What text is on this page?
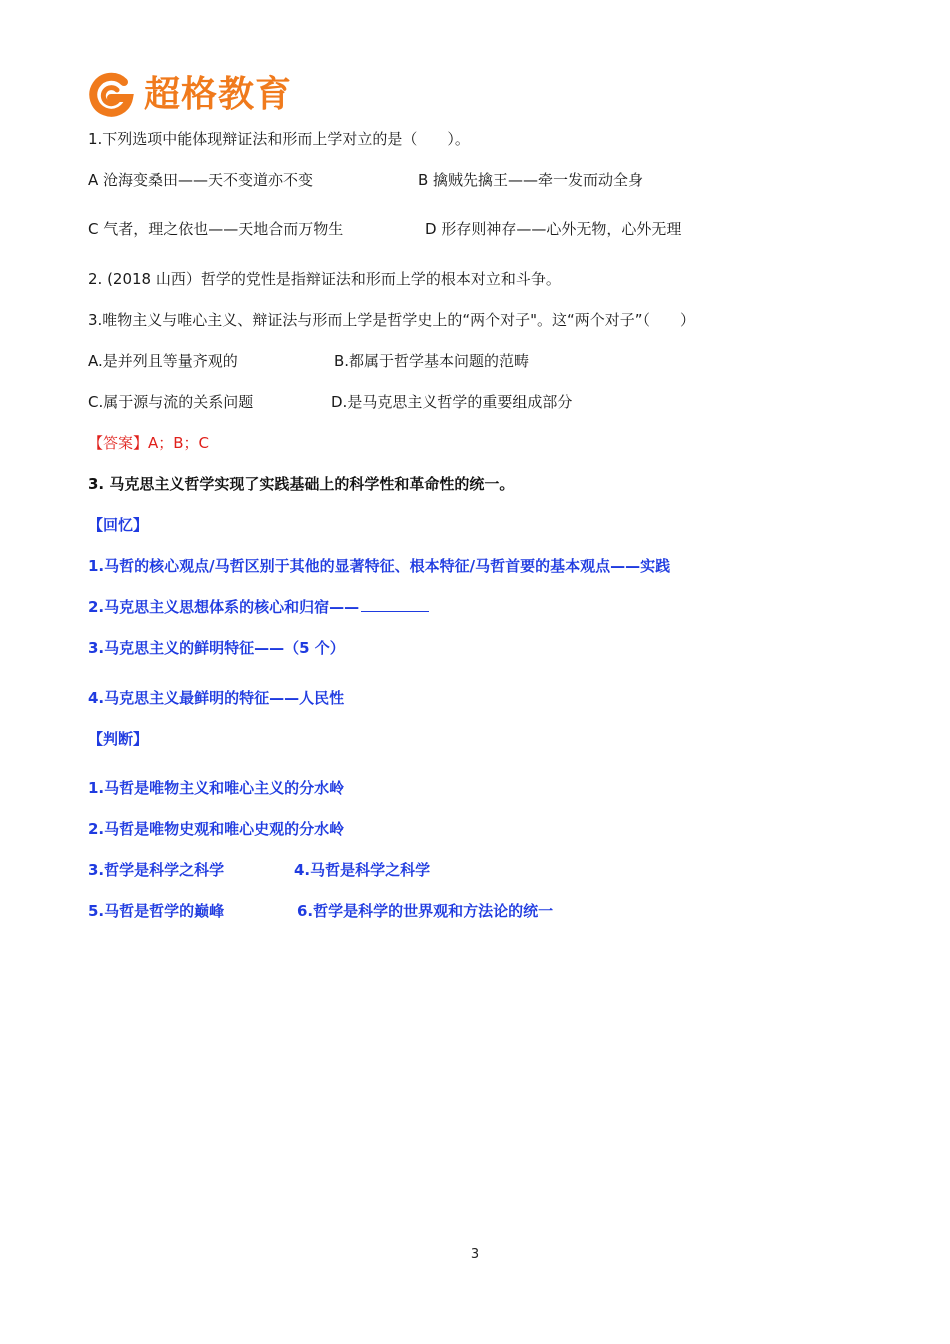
超格教育
1.下列选项中能体现辩证法和形而上学对立的是（　　）。
A 沧海变桑田——天不变道亦不变	B 擒贼先擒王——牵一发而动全身
C 气者，理之依也——天地合而万物生	D 形存则神存——心外无物，心外无理
2. (2018 山西）哲学的党性是指辩证法和形而上学的根本对立和斗争。
3.唯物主义与唯心主义、辩证法与形而上学是哲学史上的“两个对子"。这“两个对子”（　　）
A.是并列且等量齐观的	B.都属于哲学基本问题的范畴
C.属于源与流的关系问题	D.是马克思主义哲学的重要组成部分
【答案】A；B；C
3. 马克思主义哲学实现了实践基础上的科学性和革命性的统一。
【回忆】
1.马哲的核心观点/马哲区别于其他的显著特征、根本特征/马哲首要的基本观点——实践
2.马克思主义思想体系的核心和归宿——
3.马克思主义的鲜明特征——（5 个）
4.马克思主义最鲜明的特征——人民性
【判断】
1.马哲是唯物主义和唯心主义的分水岭
2.马哲是唯物史观和唯心史观的分水岭
3.哲学是科学之科学	4.马哲是科学之科学
5.马哲是哲学的巅峰	6.哲学是科学的世界观和方法论的统一
3
